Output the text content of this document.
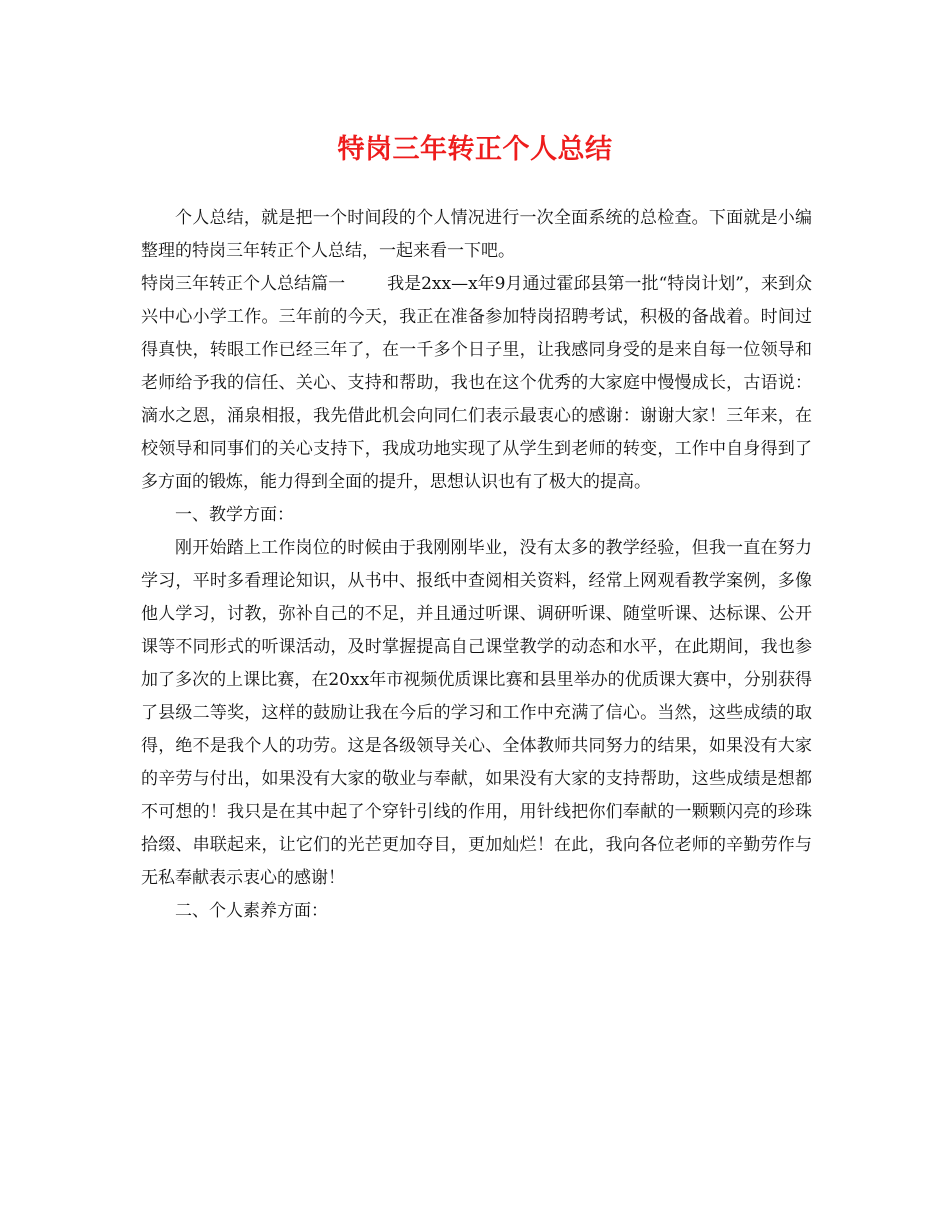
特岗三年转正个人总结

个人总结，就是把一个时间段的个人情况进行一次全面系统的总检查。下面就是小编整理的特岗三年转正个人总结，一起来看一下吧。

特岗三年转正个人总结篇一 我是2xx—x年9月通过霍邱县第一批“特岗计划”，来到众兴中心小学工作。三年前的今天，我正在准备参加特岗招聘考试，积极的备战着。时间过得真快，转眼工作已经三年了，在一千多个日子里，让我感同身受的是来自每一位领导和老师给予我的信任、关心、支持和帮助，我也在这个优秀的大家庭中慢慢成长，古语说：滴水之恩，涌泉相报，我先借此机会向同仁们表示最衷心的感谢：谢谢大家！三年来，在校领导和同事们的关心支持下，我成功地实现了从学生到老师的转变，工作中自身得到了多方面的锻炼，能力得到全面的提升，思想认识也有了极大的提高。

一、教学方面：

刚开始踏上工作岗位的时候由于我刚刚毕业，没有太多的教学经验，但我一直在努力学习，平时多看理论知识，从书中、报纸中查阅相关资料，经常上网观看教学案例，多像他人学习，讨教，弥补自己的不足，并且通过听课、调研听课、随堂听课、达标课、公开课等不同形式的听课活动，及时掌握提高自己课堂教学的动态和水平，在此期间，我也参加了多次的上课比赛，在20xx年市视频优质课比赛和县里举办的优质课大赛中，分别获得了县级二等奖，这样的鼓励让我在今后的学习和工作中充满了信心。当然，这些成绩的取得，绝不是我个人的功劳。这是各级领导关心、全体教师共同努力的结果，如果没有大家的辛劳与付出，如果没有大家的敬业与奉献，如果没有大家的支持帮助，这些成绩是想都不可想的！我只是在其中起了个穿针引线的作用，用针线把你们奉献的一颗颗闪亮的珍珠拾缀、串联起来，让它们的光芒更加夺目，更加灿烂！在此，我向各位老师的辛勤劳作与无私奉献表示衷心的感谢！

二、个人素养方面：
